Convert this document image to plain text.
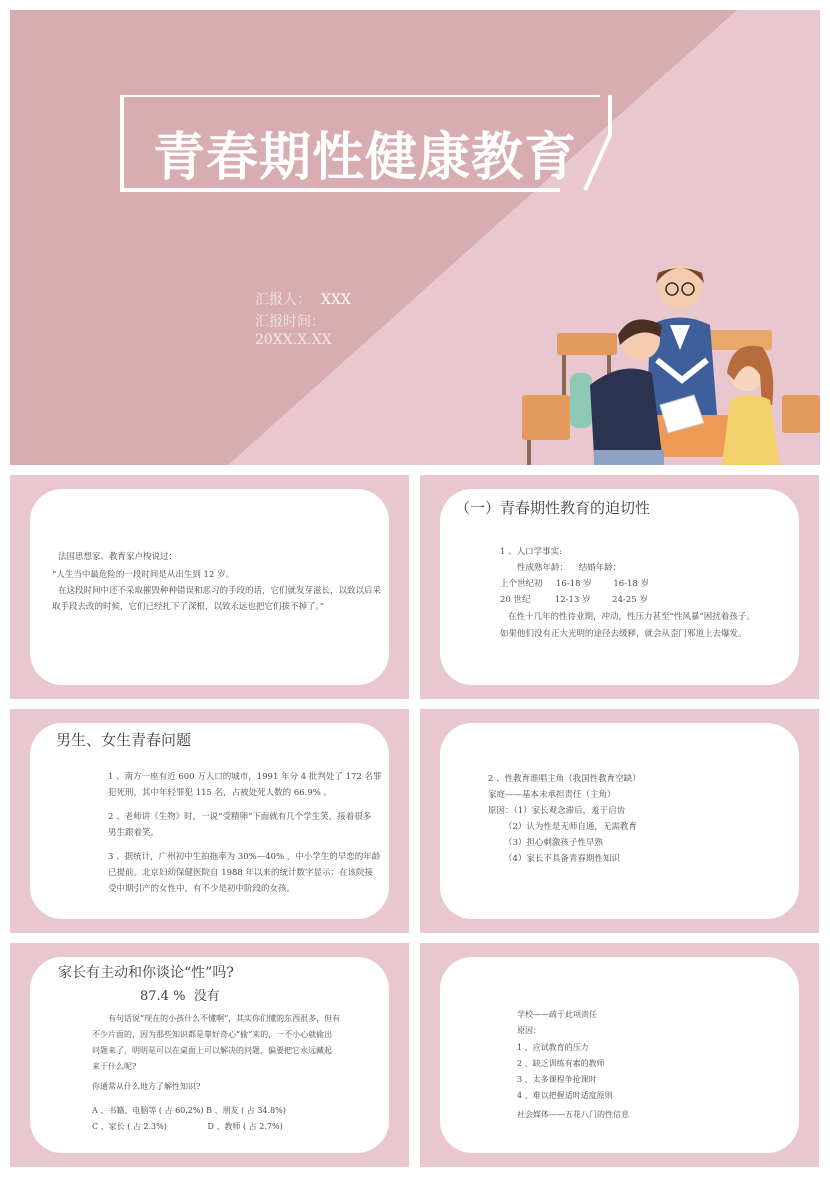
青春期性健康教育
汇报人： XXX
汇报时间：
20XX.X.XX
法国思想家、教育家卢梭说过：
“人生当中最危险的一段时间是从出生到 12 岁。
在这段时间中还不采取摧毁种种错误和恶习的手段的话，它们就发芽滋长，以致以后采
取手段去改的时候，它们已经扎下了深根，以致永远也把它们拔不掉了。”
（一）青春期性教育的迫切性
1 、人口学事实:
性成熟年龄：    结婚年龄：
上个世纪初     16-18 岁        16-18 岁
20 世纪         12-13 岁        24-25 岁
在性十几年的性待业期，冲动，性压力甚至“性风暴”困扰着孩子。
如果他们没有正大光明的途径去缓释，就会从歪门邪道上去爆发。
男生、女生青春问题
1 、南方一座有近 600 万人口的城市，1991 年分 4 批判处了 172 名罪
犯死刑，其中年轻罪犯 115 名，占被处死人数的 66.9% 。
2 、老师讲《生物》时，一说“受精卵”下面就有几个学生笑，接着很多
男生跟着笑。
3 、据统计，广州初中生拍拖率为 30%—40% ，中小学生的早恋的年龄
已提前。北京妇幼保健医院自 1988 年以来的统计数字显示：在该院接
受中期引产的女性中，有不少是初中阶段的女孩。
2 、性教育谁唱主角（我国性教育空缺）
家庭——基本未承担责任（主角）
原因：（1）家长观念滞后，羞于启齿
（2）认为性是无师自通，无需教育
（3）担心刺激孩子性早熟
（4）家长不具备青春期性知识
家长有主动和你谈论“性”吗?
87.4 %  没有
有句话说“现在的小孩什么不懂啊”，其实你们懂的东西很多，但有
不少片面的，因为那些知识都是靠好奇心“偷”来的，一不小心就偷出
问题来了，明明是可以在桌面上可以解决的问题，偏要把它永远藏起
来干什么呢?
你通常从什么地方了解性知识?
A 、书籍、电脑等 ( 占 60.2%) B 、朋友 ( 占 34.8%)
C 、家长 ( 占 2.3%)                D 、教师 ( 占 2.7%)
学校——疏于此项责任
原因：
1 、应试教育的压力
2 、缺乏训练有素的教师
3 、太多课程争抢课时
4 、难以把握适时适度原则
社会媒体——五花八门的性信息
